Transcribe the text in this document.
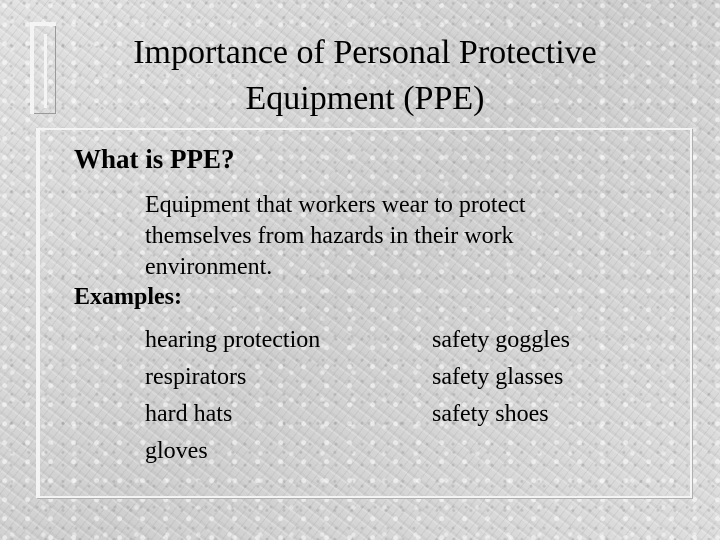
Importance of Personal Protective Equipment (PPE)

What is PPE?

Equipment that workers wear to protect themselves from hazards in their work environment.

Examples:

hearing protection
respirators
hard hats
gloves
safety goggles
safety glasses
safety shoes
